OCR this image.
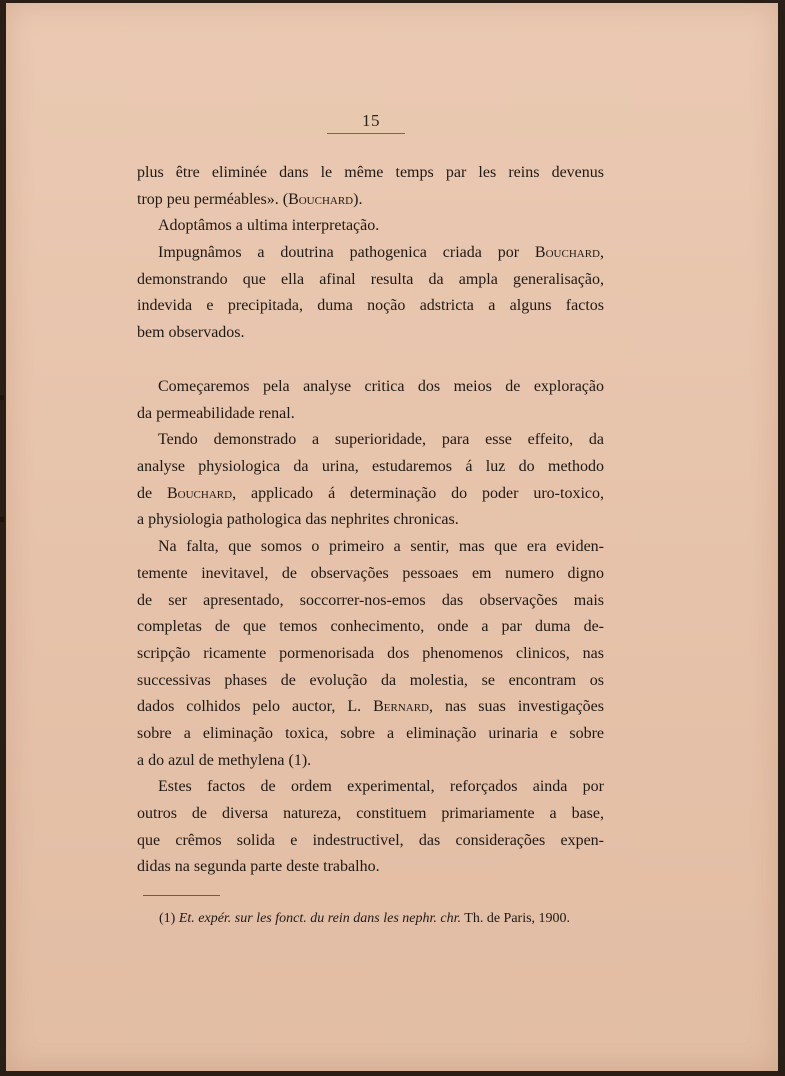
15
plus être eliminée dans le même temps par les reins devenus
trop peu perméables». (Bouchard).
Adoptâmos a ultima interpretação.
Impugnâmos a doutrina pathogenica criada por Bouchard,
demonstrando que ella afinal resulta da ampla generalisação,
indevida e precipitada, duma noção adstricta a alguns factos
bem observados.
Começaremos pela analyse critica dos meios de exploração
da permeabilidade renal.
Tendo demonstrado a superioridade, para esse effeito, da
analyse physiologica da urina, estudaremos á luz do methodo
de Bouchard, applicado á determinação do poder uro-toxico,
a physiologia pathologica das nephrites chronicas.
Na falta, que somos o primeiro a sentir, mas que era eviden-
temente inevitavel, de observações pessoaes em numero digno
de ser apresentado, soccorrer-nos-emos das observações mais
completas de que temos conhecimento, onde a par duma de-
scripção ricamente pormenorisada dos phenomenos clinicos, nas
successivas phases de evolução da molestia, se encontram os
dados colhidos pelo auctor, L. Bernard, nas suas investigações
sobre a eliminação toxica, sobre a eliminação urinaria e sobre
a do azul de methylena (1).
Estes factos de ordem experimental, reforçados ainda por
outros de diversa natureza, constituem primariamente a base,
que crêmos solida e indestructivel, das considerações expen-
didas na segunda parte deste trabalho.
(1) Et. expér. sur les fonct. du rein dans les nephr. chr. Th. de Paris, 1900.
